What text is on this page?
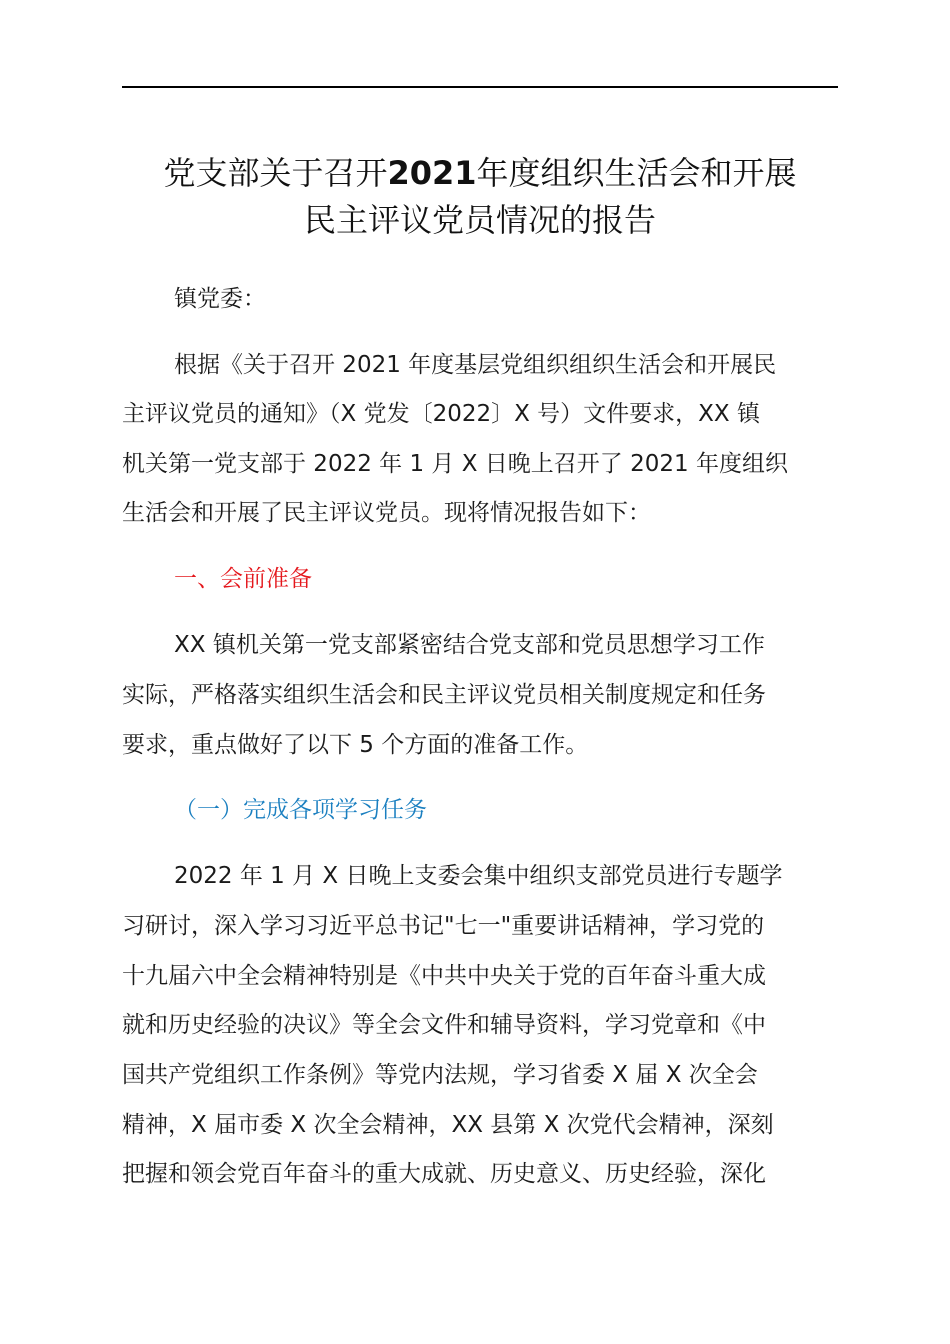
党支部关于召开2021年度组织生活会和开展
民主评议党员情况的报告
镇党委：
根据《关于召开 2021 年度基层党组织组织生活会和开展民
主评议党员的通知》（X 党发〔2022〕X 号）文件要求，XX 镇
机关第一党支部于 2022 年 1 月 X 日晚上召开了 2021 年度组织
生活会和开展了民主评议党员。现将情况报告如下：
一、会前准备
XX 镇机关第一党支部紧密结合党支部和党员思想学习工作
实际，严格落实组织生活会和民主评议党员相关制度规定和任务
要求，重点做好了以下 5 个方面的准备工作。
（一）完成各项学习任务
2022 年 1 月 X 日晚上支委会集中组织支部党员进行专题学
习研讨，深入学习习近平总书记"七一"重要讲话精神，学习党的
十九届六中全会精神特别是《中共中央关于党的百年奋斗重大成
就和历史经验的决议》等全会文件和辅导资料，学习党章和《中
国共产党组织工作条例》等党内法规，学习省委 X 届 X 次全会
精神，X 届市委 X 次全会精神，XX 县第 X 次党代会精神，深刻
把握和领会党百年奋斗的重大成就、历史意义、历史经验，深化
